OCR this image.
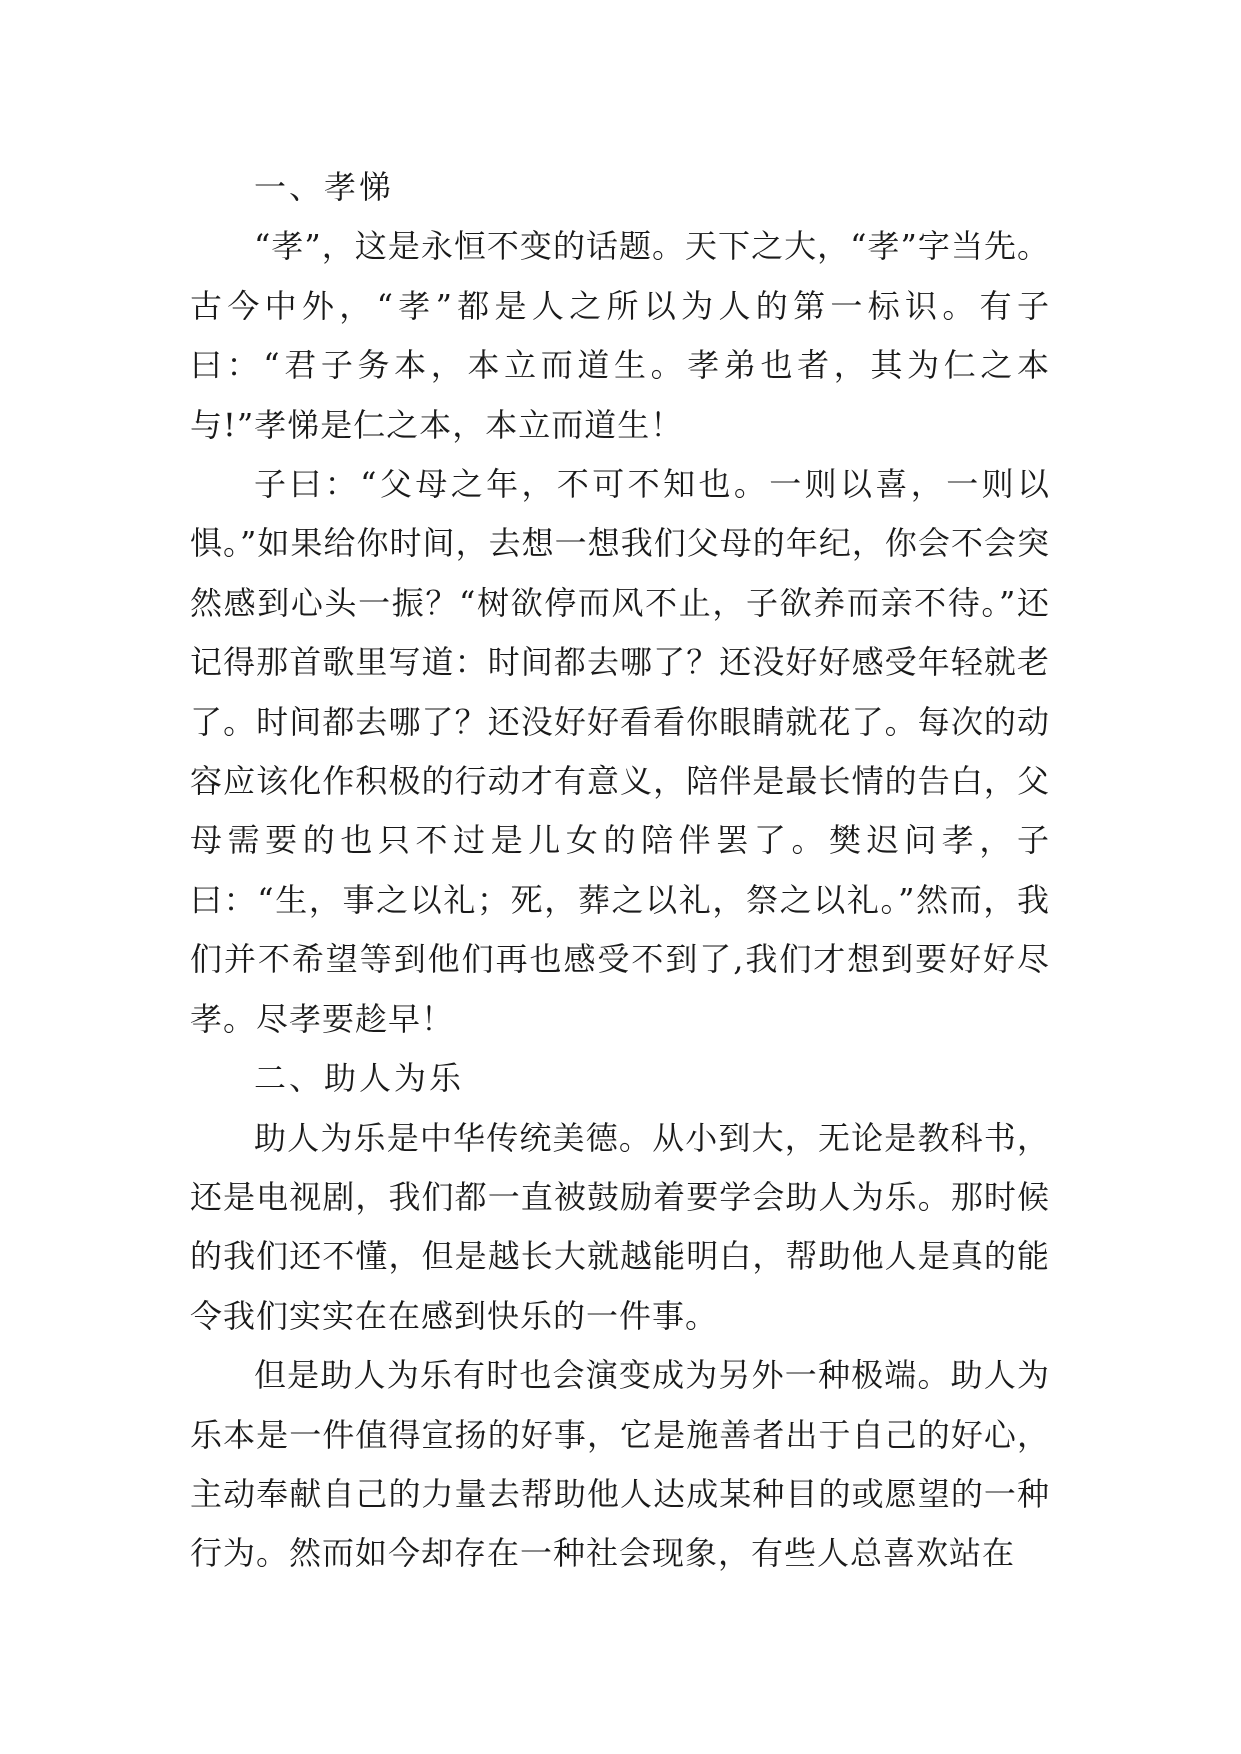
一、孝悌

“孝”，这是永恒不变的话题。天下之大，“孝”字当先。古今中外，“孝”都是人之所以为人的第一标识。有子曰：“君子务本，本立而道生。孝弟也者，其为仁之本与!”孝悌是仁之本，本立而道生！

子曰：“父母之年，不可不知也。一则以喜，一则以惧。”如果给你时间，去想一想我们父母的年纪，你会不会突然感到心头一振？“树欲停而风不止，子欲养而亲不待。”还记得那首歌里写道：时间都去哪了？还没好好感受年轻就老了。时间都去哪了？还没好好看看你眼睛就花了。每次的动容应该化作积极的行动才有意义，陪伴是最长情的告白，父母需要的也只不过是儿女的陪伴罢了。樊迟问孝，子曰：“生，事之以礼；死，葬之以礼，祭之以礼。”然而，我们并不希望等到他们再也感受不到了,我们才想到要好好尽孝。尽孝要趁早！

二、助人为乐

助人为乐是中华传统美德。从小到大，无论是教科书，还是电视剧，我们都一直被鼓励着要学会助人为乐。那时候的我们还不懂，但是越长大就越能明白，帮助他人是真的能令我们实实在在感到快乐的一件事。

但是助人为乐有时也会演变成为另外一种极端。助人为乐本是一件值得宣扬的好事，它是施善者出于自己的好心，主动奉献自己的力量去帮助他人达成某种目的或愿望的一种行为。然而如今却存在一种社会现象，有些人总喜欢站在
